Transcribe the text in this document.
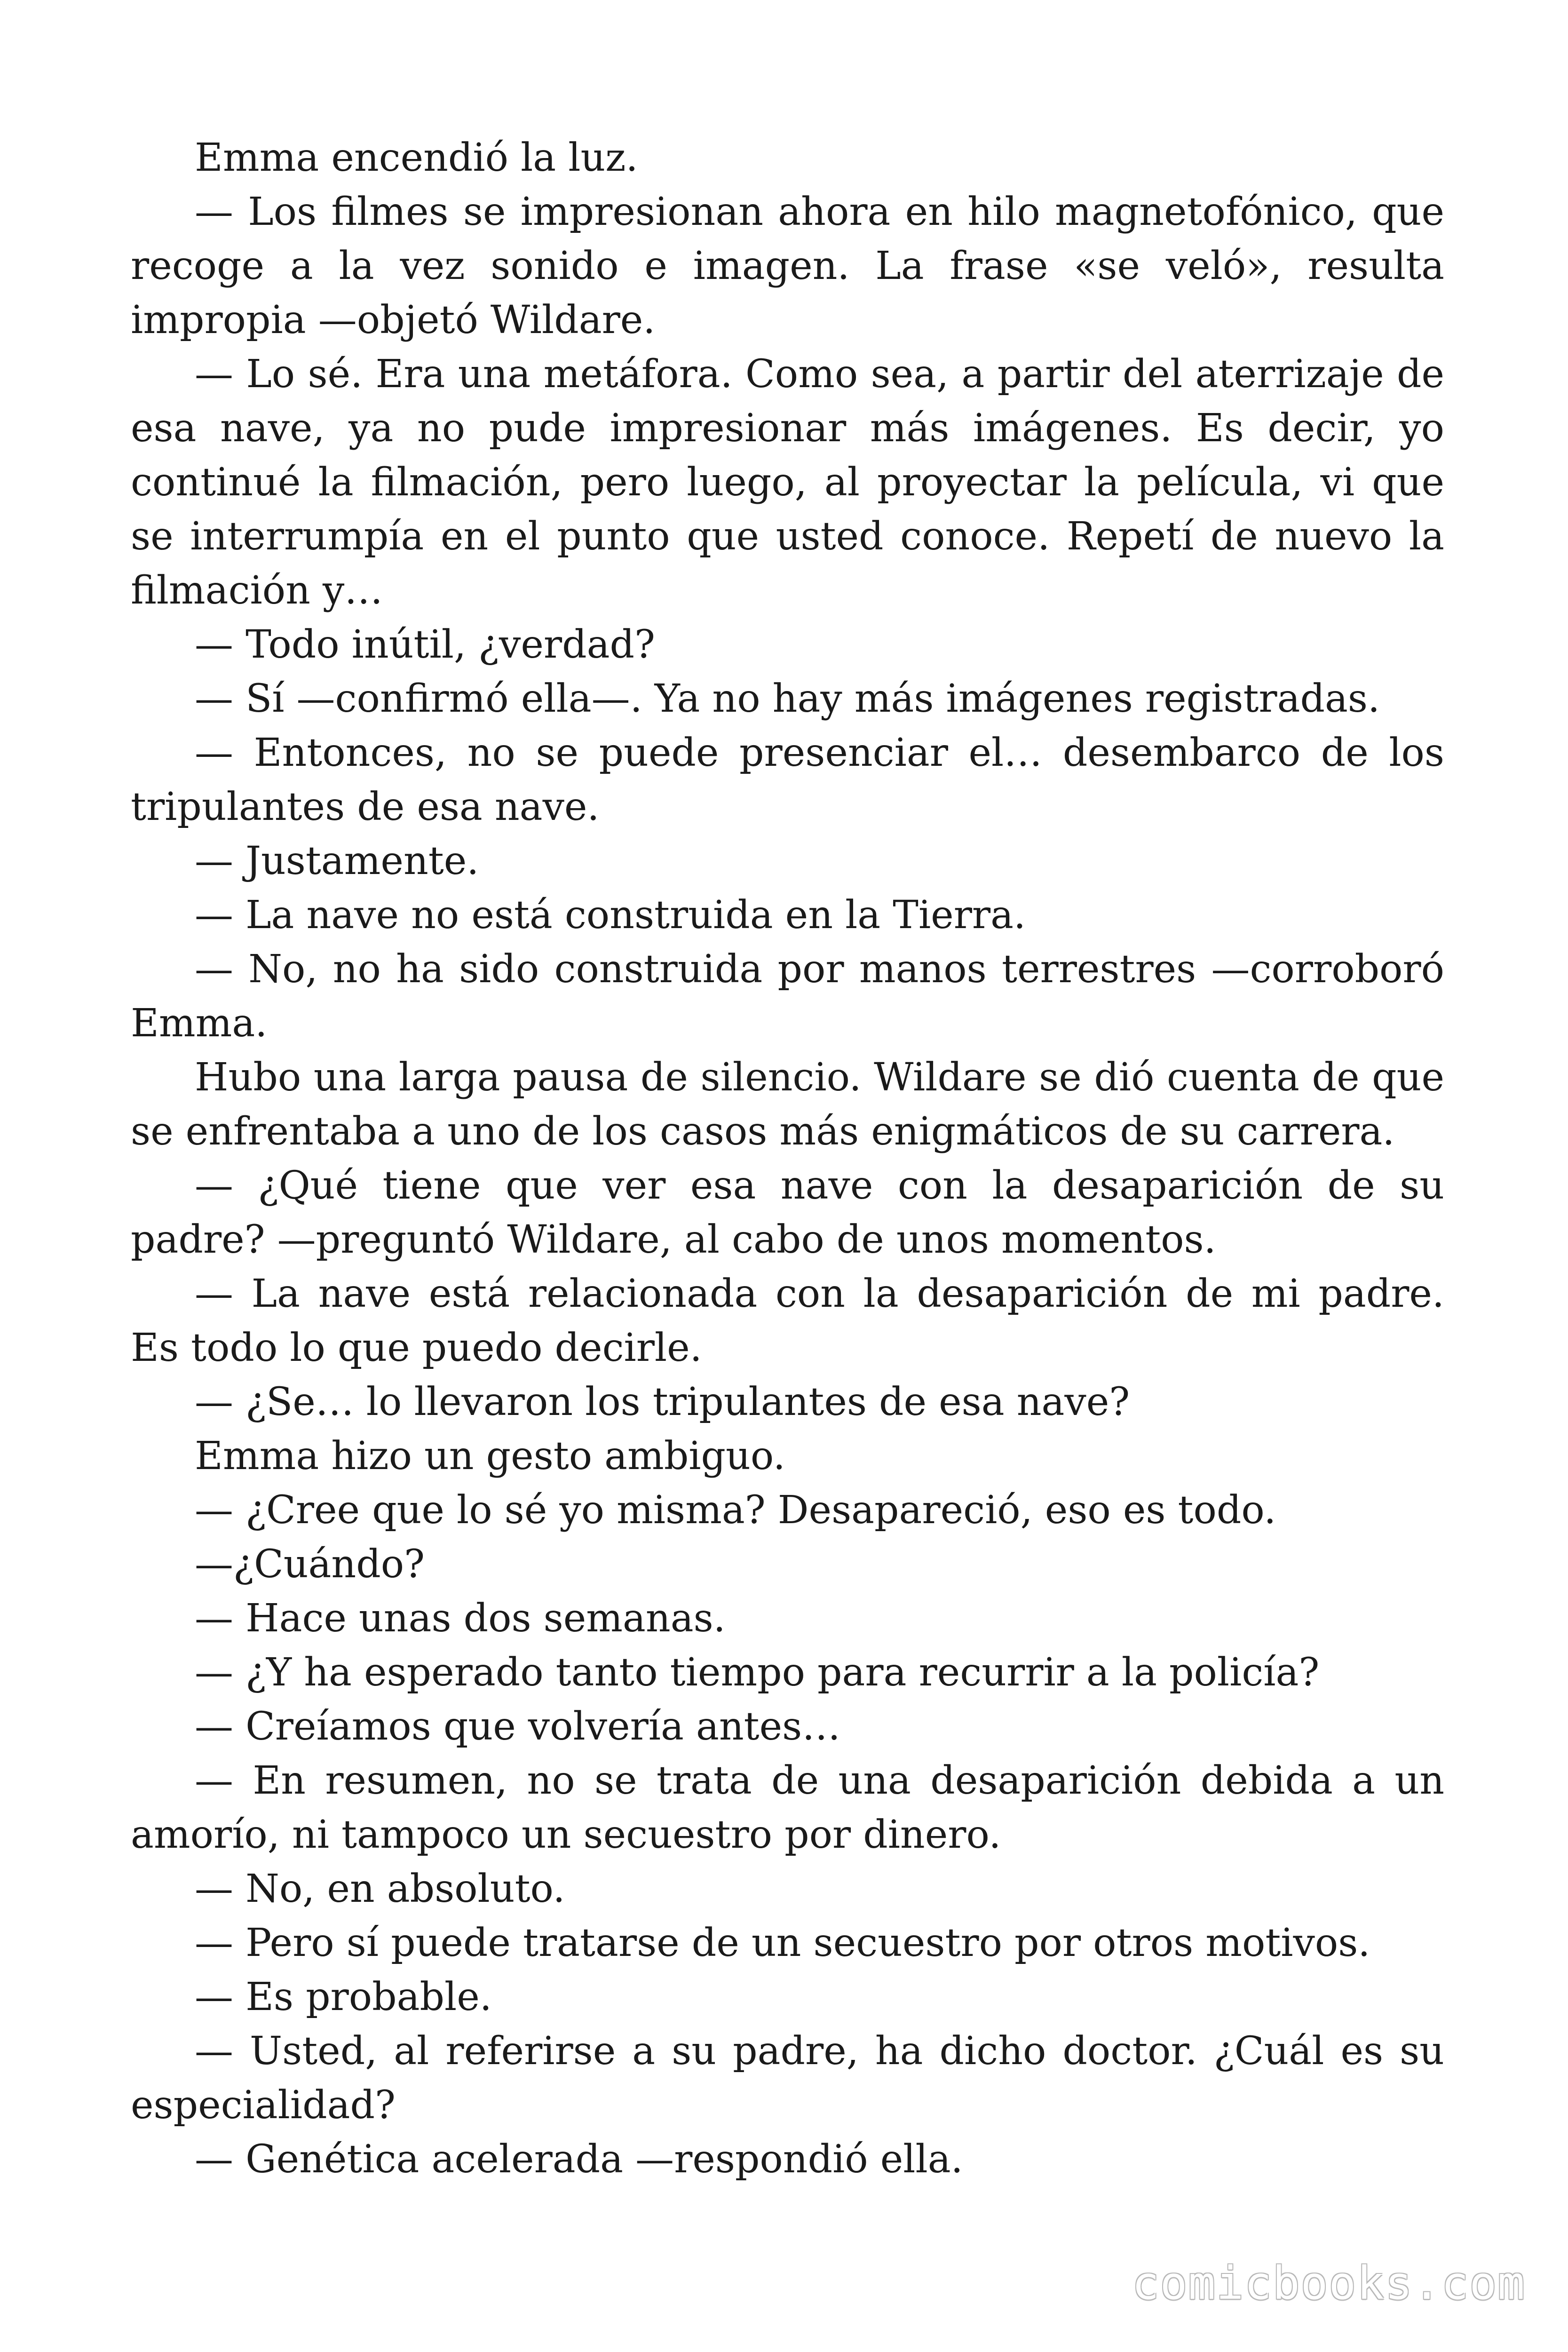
Emma encendió la luz.

— Los filmes se impresionan ahora en hilo magnetofónico, que recoge a la vez sonido e imagen. La frase «se veló», resulta impropia —objetó Wildare.

— Lo sé. Era una metáfora. Como sea, a partir del aterrizaje de esa nave, ya no pude impresionar más imágenes. Es decir, yo continué la filmación, pero luego, al proyectar la película, vi que se interrumpía en el punto que usted conoce. Repetí de nuevo la filmación y…

— Todo inútil, ¿verdad?

— Sí —confirmó ella—. Ya no hay más imágenes registradas.

— Entonces, no se puede presenciar el… desembarco de los tripulantes de esa nave.

— Justamente.

— La nave no está construida en la Tierra.

— No, no ha sido construida por manos terrestres —corroboró Emma.

Hubo una larga pausa de silencio. Wildare se dió cuenta de que se enfrentaba a uno de los casos más enigmáticos de su carrera.

— ¿Qué tiene que ver esa nave con la desaparición de su padre? —preguntó Wildare, al cabo de unos momentos.

— La nave está relacionada con la desaparición de mi padre. Es todo lo que puedo decirle.

— ¿Se… lo llevaron los tripulantes de esa nave?

Emma hizo un gesto ambiguo.

— ¿Cree que lo sé yo misma? Desapareció, eso es todo.

—¿Cuándo?

— Hace unas dos semanas.

— ¿Y ha esperado tanto tiempo para recurrir a la policía?

— Creíamos que volvería antes…

— En resumen, no se trata de una desaparición debida a un amorío, ni tampoco un secuestro por dinero.

— No, en absoluto.

— Pero sí puede tratarse de un secuestro por otros motivos.

— Es probable.

— Usted, al referirse a su padre, ha dicho doctor. ¿Cuál es su especialidad?

— Genética acelerada —respondió ella.

comicbooks.com
